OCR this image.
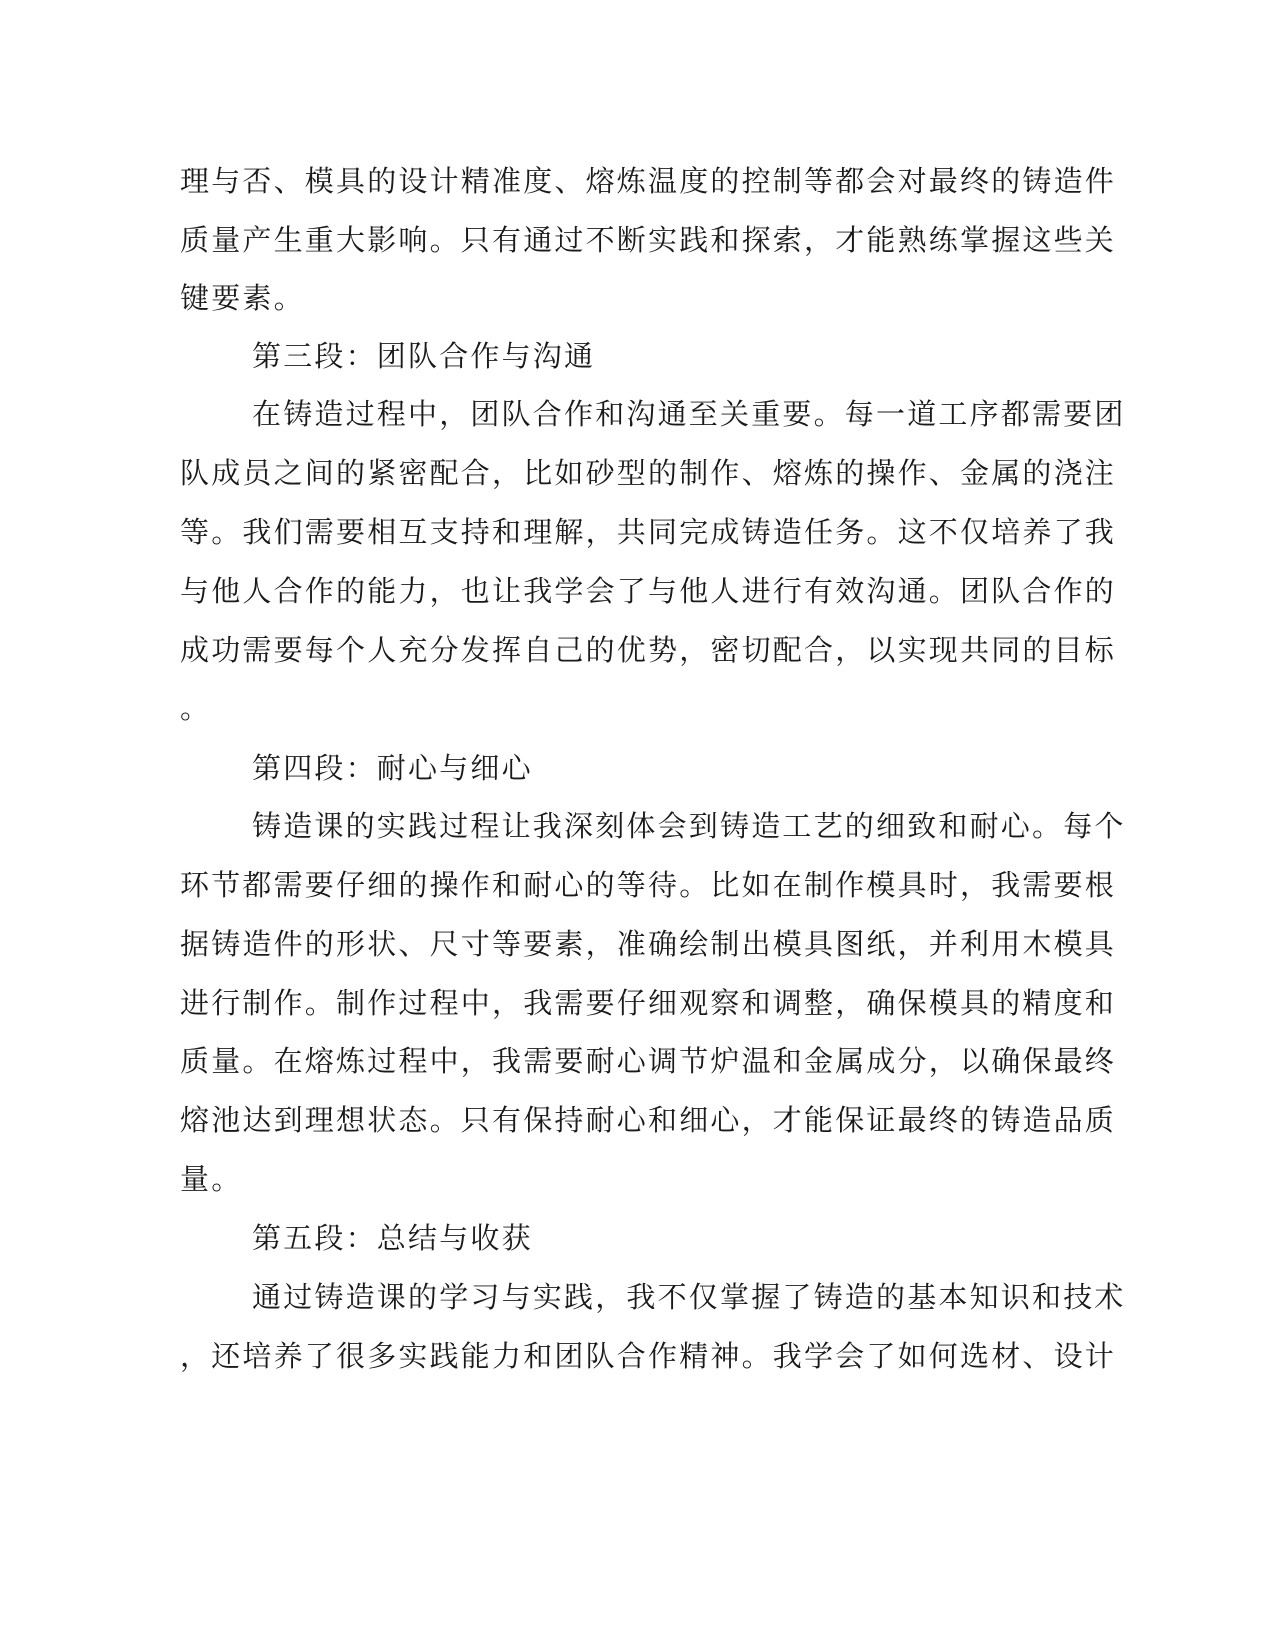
理与否、模具的设计精准度、熔炼温度的控制等都会对最终的铸造件
质量产生重大影响。只有通过不断实践和探索，才能熟练掌握这些关
键要素。
第三段：团队合作与沟通
在铸造过程中，团队合作和沟通至关重要。每一道工序都需要团
队成员之间的紧密配合，比如砂型的制作、熔炼的操作、金属的浇注
等。我们需要相互支持和理解，共同完成铸造任务。这不仅培养了我
与他人合作的能力，也让我学会了与他人进行有效沟通。团队合作的
成功需要每个人充分发挥自己的优势，密切配合，以实现共同的目标
。
第四段：耐心与细心
铸造课的实践过程让我深刻体会到铸造工艺的细致和耐心。每个
环节都需要仔细的操作和耐心的等待。比如在制作模具时，我需要根
据铸造件的形状、尺寸等要素，准确绘制出模具图纸，并利用木模具
进行制作。制作过程中，我需要仔细观察和调整，确保模具的精度和
质量。在熔炼过程中，我需要耐心调节炉温和金属成分，以确保最终
熔池达到理想状态。只有保持耐心和细心，才能保证最终的铸造品质
量。
第五段：总结与收获
通过铸造课的学习与实践，我不仅掌握了铸造的基本知识和技术
，还培养了很多实践能力和团队合作精神。我学会了如何选材、设计
